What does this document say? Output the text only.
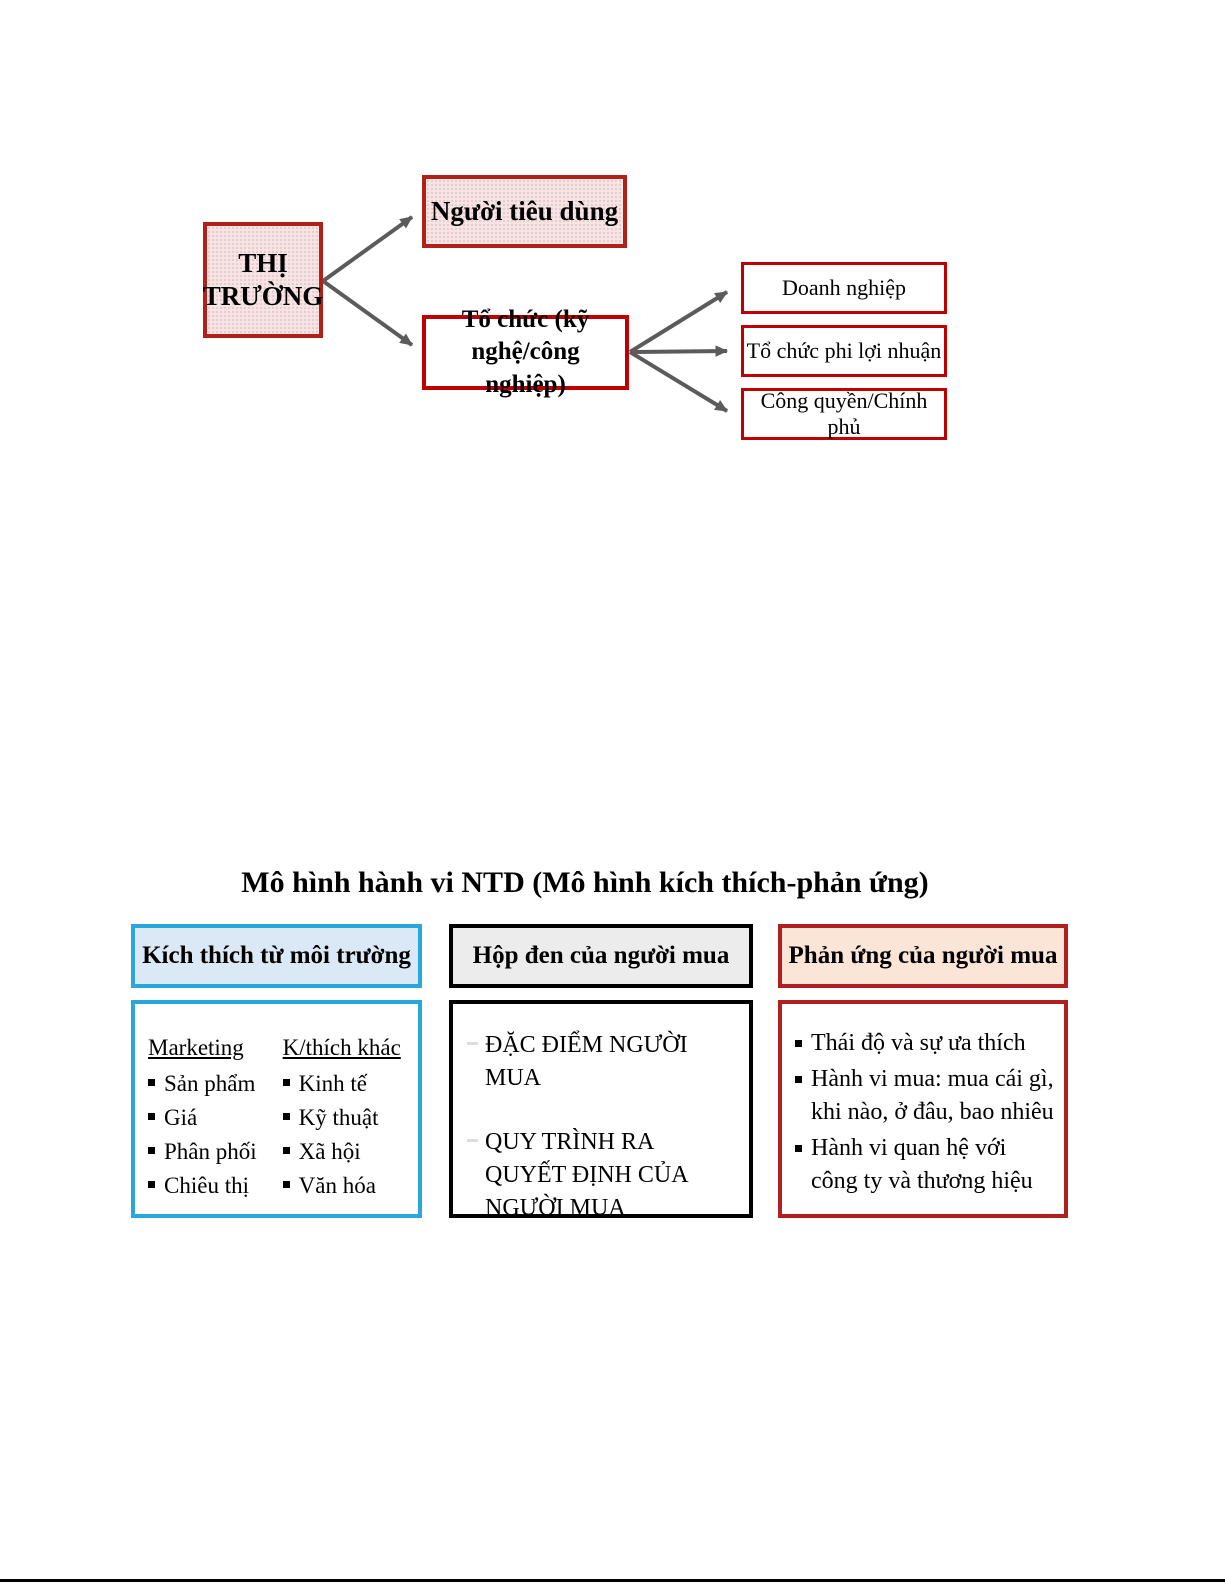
THỊ TRƯỜNG
Người tiêu dùng
Tổ chức (kỹ nghệ/công nghiệp)
Doanh nghiệp
Tổ chức phi lợi nhuận
Công quyền/Chính phủ
Mô hình hành vi NTD (Mô hình kích thích-phản ứng)
Kích thích từ môi trường

Marketing

Sản phẩm
Giá
Phân phối
Chiêu thị

K/thích khác

Kinh tế
Kỹ thuật
Xã hội
Văn hóa
Hộp đen của người mua
ĐẶC ĐIỂM NGƯỜI MUA
QUY TRÌNH RA QUYẾT ĐỊNH CỦA NGƯỜI MUA
Phản ứng của người mua
Thái độ và sự ưa thích
Hành vi mua: mua cái gì, khi nào, ở đâu, bao nhiêu
Hành vi quan hệ với công ty và thương hiệu
